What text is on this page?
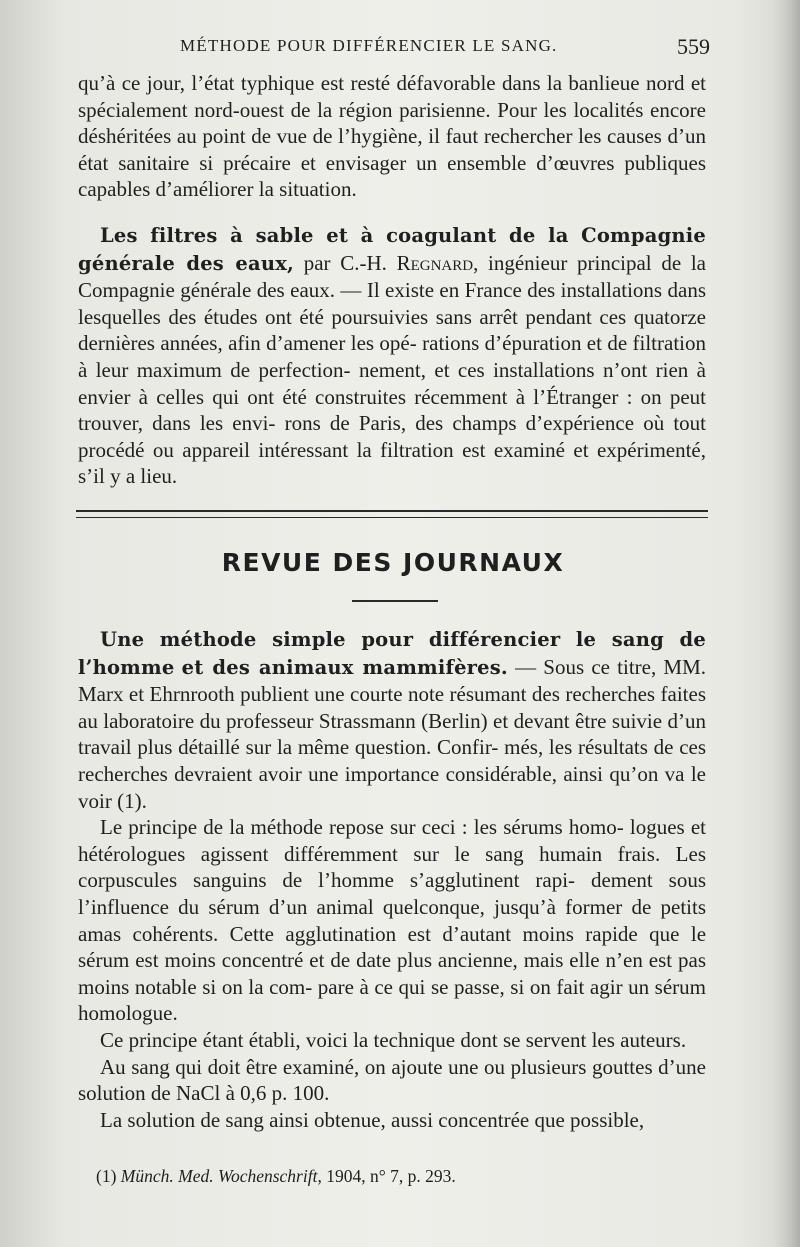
MÉTHODE POUR DIFFÉRENCIER LE SANG.	559

qu’à ce jour, l’état typhique est resté défavorable dans la banlieue nord et spécialement nord-ouest de la région parisienne. Pour les localités encore déshéritées au point de vue de l’hygiène, il faut rechercher les causes d’un état sanitaire si précaire et envisager un ensemble d’œuvres publiques capables d’améliorer la situation.

Les filtres à sable et à coagulant de la Compagnie générale des eaux, par C.-H. Regnard, ingénieur principal de la Compagnie générale des eaux. — Il existe en France des installations dans lesquelles des études ont été poursuivies sans arrêt pendant ces quatorze dernières années, afin d’amener les opé- rations d’épuration et de filtration à leur maximum de perfection- nement, et ces installations n’ont rien à envier à celles qui ont été construites récemment à l’Étranger : on peut trouver, dans les envi- rons de Paris, des champs d’expérience où tout procédé ou appareil intéressant la filtration est examiné et expérimenté, s’il y a lieu.

REVUE DES JOURNAUX

Une méthode simple pour différencier le sang de l’homme et des animaux mammifères. — Sous ce titre, MM. Marx et Ehrnrooth publient une courte note résumant des recherches faites au laboratoire du professeur Strassmann (Berlin) et devant être suivie d’un travail plus détaillé sur la même question. Confir- més, les résultats de ces recherches devraient avoir une importance considérable, ainsi qu’on va le voir (1).

Le principe de la méthode repose sur ceci : les sérums homo- logues et hétérologues agissent différemment sur le sang humain frais. Les corpuscules sanguins de l’homme s’agglutinent rapi- dement sous l’influence du sérum d’un animal quelconque, jusqu’à former de petits amas cohérents. Cette agglutination est d’autant moins rapide que le sérum est moins concentré et de date plus ancienne, mais elle n’en est pas moins notable si on la com- pare à ce qui se passe, si on fait agir un sérum homologue.

Ce principe étant établi, voici la technique dont se servent les auteurs.

Au sang qui doit être examiné, on ajoute une ou plusieurs gouttes d’une solution de NaCl à 0,6 p. 100.

La solution de sang ainsi obtenue, aussi concentrée que possible,

(1) Münch. Med. Wochenschrift, 1904, n° 7, p. 293.
